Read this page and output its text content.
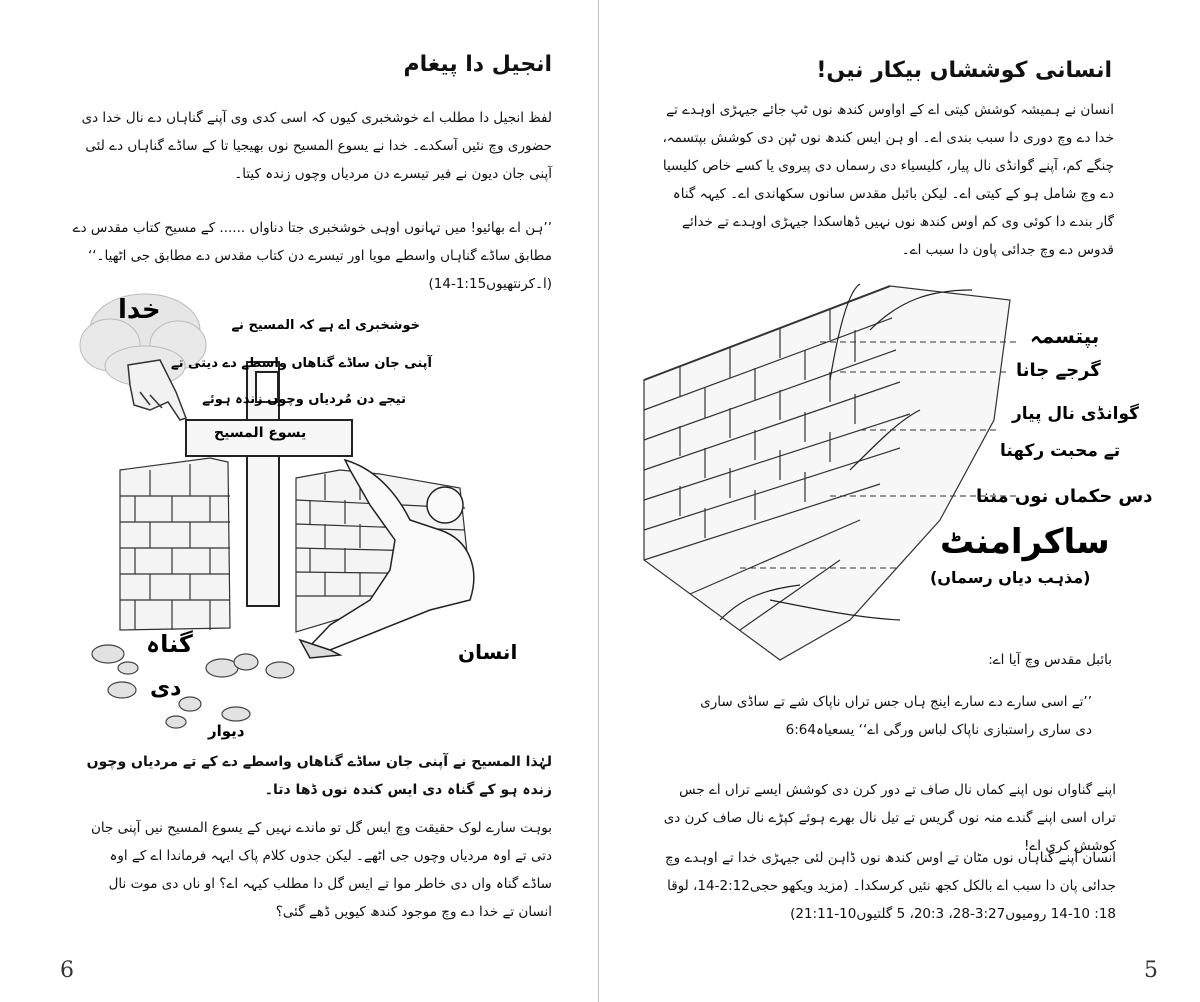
انجیل دا پیغام
لفظ انجیل دا مطلب اے خوشخبری کیوں کہ اسی کدی وی آپنے گناہاں دے نال خدا دی حضوری وچ نئیں آسکدے۔ خدا نے یسوع المسیح نوں بھیجیا تا کے ساڈے گناہاں دے لئی آپنی جان دیون نے فیر تیسرے دن مردیاں وچوں زندہ کیتا۔
’’ہن اے بھائیو! میں تہانوں اوہی خوشخبری جتا دناواں ...... کے مسیح کتاب مقدس دے مطابق ساڈے گناہاں واسطے مویا اور تیسرے دن کتاب مقدس دے مطابق جی اٹھیا۔‘‘ (ا۔کرنتھیوں1:15-14)
خدا
یسوع المسیح
خوشخبری اے ہے کہ المسیح نے
آپنی جان ساڈے گناھاں واسطے دے دیتی تے
تیجے دن مُردیاں وچوں زندہ ہوئے
انسان
گناہ
دی
دیوار
لہٰذا المسیح نے آپنی جان ساڈے گناھاں واسطے دے کے تے مردیاں وچوں زندہ ہو کے گناہ دی ایس کندہ نوں ڈھا دتا۔
بوہت سارے لوک حقیقت وچ ایس گل تو ماندے نہیں کے یسوع المسیح نیں آپنی جان دتی تے اوہ مردیاں وچوں جی اٹھے۔ لیکن جدوں کلام پاک ایہہ فرماندا اے کے اوہ ساڈے گناہ واں دی خاطر موا تے ایس گل دا مطلب کیہہ اے؟ او ناں دی موت نال انسان تے خدا دے وچ موجود کندھ کیویں ڈھے گئی؟
6
انسانی کوششاں بیکار نیں!
انسان نے ہمیشہ کوشش کیتی اے کے اواوس کندھ نوں ٹپ جائے جیہڑی اوہدے تے خدا دے وچ دوری دا سبب بندی اے۔ او ہن ایس کندھ نوں ٹپن دی کوشش بپتسمہ، چنگے کم، آپنے گوانڈی نال پیار، کلیسیاء دی رسماں دی پیروی یا کسے خاص کلیسیا دے وچ شامل ہو کے کیتی اے۔ لیکن بائبل مقدس سانوں سکھاندی اے۔ کیہہ گناہ گار بندے دا کوئی وی کم اوس کندھ نوں نہیں ڈھاسکدا جیہڑی اوہدے تے خدائے قدوس دے وچ جدائی پاون دا سبب اے۔
بپتسمہ
گرجے جانا
گوانڈی نال پیار
تے محبت رکھنا
دس حکماں نوں مننا
ساکرامنٹ
(مذہب دیاں رسماں)
بائبل مقدس وچ آیا اے:
’’تے اسی سارے دے سارے اینج ہاں جس تراں ناپاک شے تے ساڈی ساری دی ساری راستبازی ناپاک لباس ورگی اے‘‘ یسعیاہ6:64
اپنے گناواں نوں اپنے کماں نال صاف تے دور کرن دی کوشش ایسے تراں اے جس تراں اسی اپنے گندے منہ نوں گریس تے تیل نال بھرے ہوئے کپڑے نال صاف کرن دی کوشش کری اے!
انسان آپنے گناہاں نوں مٹان تے اوس کندھ نوں ڈاہن لئی جیہڑی خدا تے اوہدے وچ جدائی پان دا سبب اے بالکل کجھ نئیں کرسکدا۔ (مزید ویکھو حجی2:12-14، لوقا 18: 10-14 رومیوں3:27-28، 20:3، 5 گلتیوں10-21:11)
5
